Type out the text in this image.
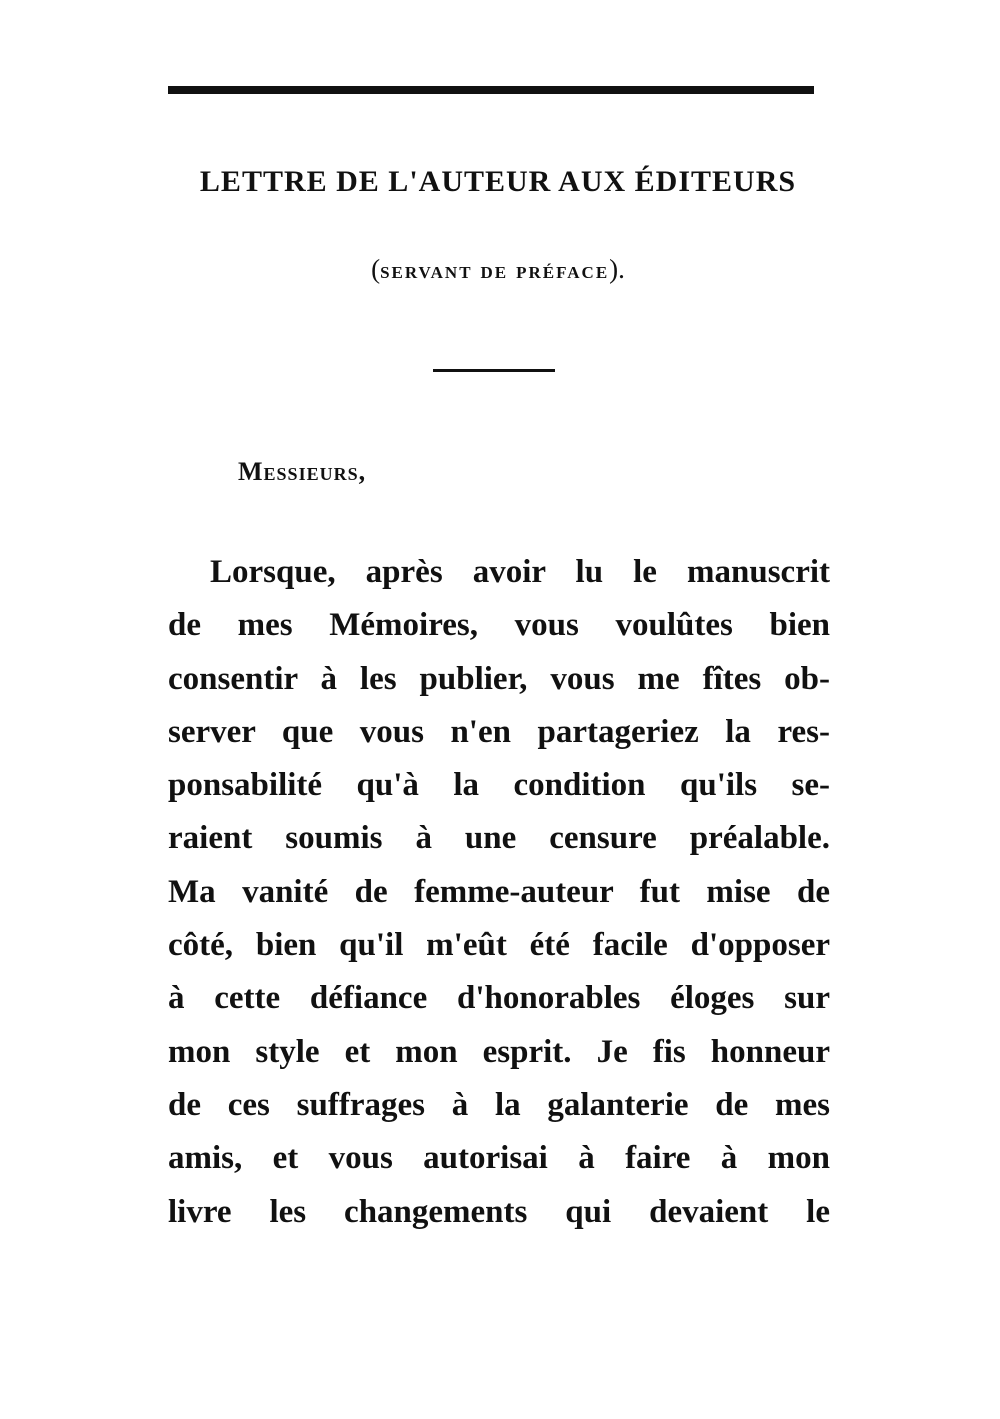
LETTRE DE L'AUTEUR AUX ÉDITEURS
(servant de préface).
Messieurs,
Lorsque, après avoir lu le manuscrit
de mes Mémoires, vous voulûtes bien
consentir à les publier, vous me fîtes ob-
server que vous n'en partageriez la res-
ponsabilité qu'à la condition qu'ils se-
raient soumis à une censure préalable.
Ma vanité de femme-auteur fut mise de
côté, bien qu'il m'eût été facile d'opposer
à cette défiance d'honorables éloges sur
mon style et mon esprit. Je fis honneur
de ces suffrages à la galanterie de mes
amis, et vous autorisai à faire à mon
livre les changements qui devaient le
